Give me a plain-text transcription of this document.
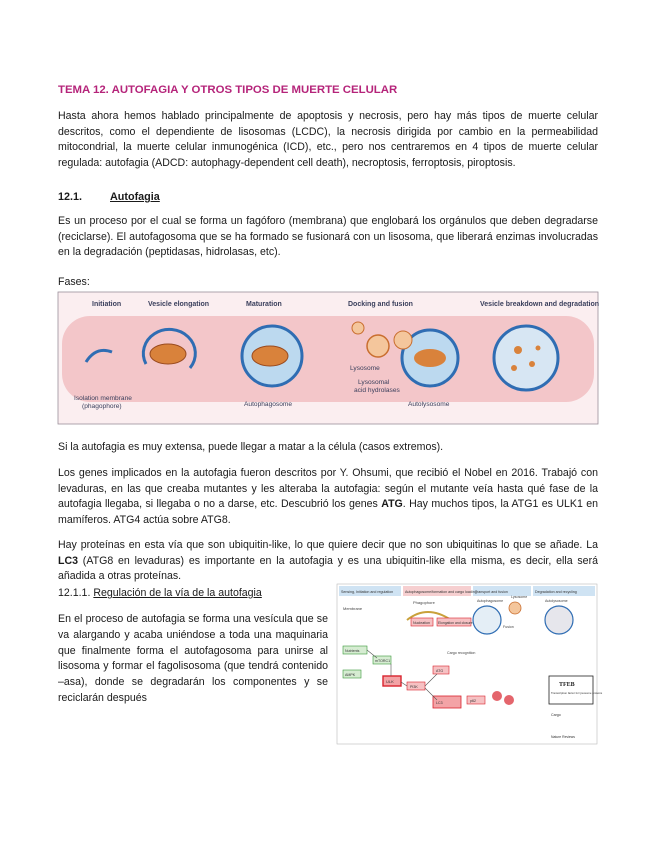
TEMA 12. AUTOFAGIA Y OTROS TIPOS DE MUERTE CELULAR

Hasta ahora hemos hablado principalmente de apoptosis y necrosis, pero hay más tipos de muerte celular descritos, como el dependiente de lisosomas (LCDC), la necrosis dirigida por cambio en la permeabilidad mitocondrial, la muerte celular inmunogénica (ICD), etc., pero nos centraremos en 4 tipos de muerte celular regulada: autofagia (ADCD: autophagy-dependent cell death), necroptosis, ferroptosis, piroptosis.

12.1.	Autofagia

Es un proceso por el cual se forma un fagóforo (membrana) que englobará los orgánulos que deben degradarse (reciclarse). El autofagosoma que se ha formado se fusionará con un lisosoma, que liberará enzimas involucradas en la degradación (peptidasas, hidrolasas, etc).

Fases:
Initiation	Vesicle elongation	Maturation	Docking and fusion	Vesicle breakdown and degradation
Isolation membrane
(phagophore)	Autophagosome
Lysosome
Lysosomal
acid hydrolases
Autolysosome

Si la autofagia es muy extensa, puede llegar a matar a la célula (casos extremos).

Los genes implicados en la autofagia fueron descritos por Y. Ohsumi, que recibió el Nobel en 2016. Trabajó con levaduras, en las que creaba mutantes y les alteraba la autofagia: según el mutante veía hasta qué fase de la autofagia llegaba, si llegaba o no a darse, etc. Descubrió los genes ATG. Hay muchos tipos, la ATG1 es ULK1 en mamíferos. ATG4 actúa sobre ATG8.

Hay proteínas en esta vía que son ubiquitin-like, lo que quiere decir que no son ubiquitinas lo que se añade. La LC3 (ATG8 en levaduras) es importante en la autofagia y es una ubiquitin-like ella misma, es decir, ella será añadida a otras proteínas.

12.1.1. Regulación de la vía de la autofagia

En el proceso de autofagia se forma una vesícula que se va alargando y acaba uniéndose a toda una maquinaria que finalmente forma el autofagosoma para unirse al lisosoma y formar el fagolisosoma (que tendrá contenido –asa), donde se degradarán los componentes y se reciclarán después

Sensing, Initiation and regulation	Autophagosome/formation and cargo loading
Transport and fusion	Degradation and recycling
Membrane
Phagophore
Nucleation Elongation and closure
Autophagosome
Lysosome
Autolysosome
Fusion
Nutrients
mTORC1
AMPK
ULK
PI3K
ATG
LC3	p62
Cargo recognition
TFEB
Transcription factor for lysosome proteins
Cargo
Nature Reviews
